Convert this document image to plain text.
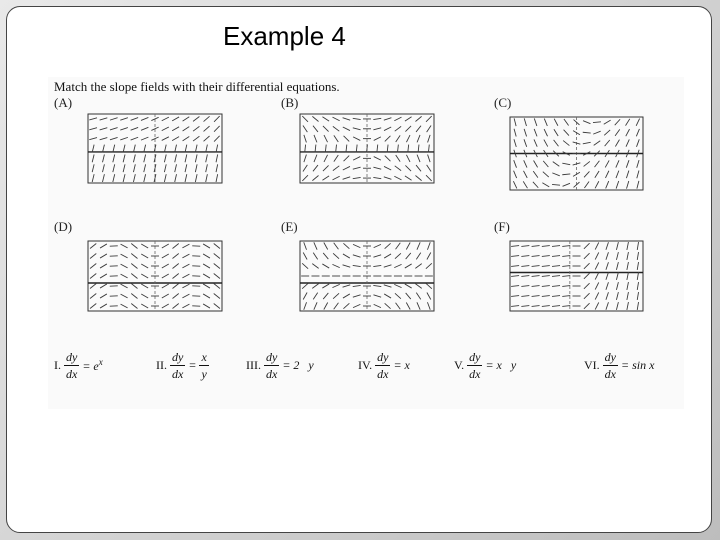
Example 4
Match the slope fields with their differential equations.
(A)	(B)	(C)
(D)	(E)	(F)
I. $\frac{dy}{dx} = e^x$	II. $\frac{dy}{dx} = \frac{x}{y}$	III. $\frac{dy}{dx} = 2$   y	IV. $\frac{dy}{dx} = x$	V. $\frac{dy}{dx} = x$   y	VI. $\frac{dy}{dx} = \sin x$
